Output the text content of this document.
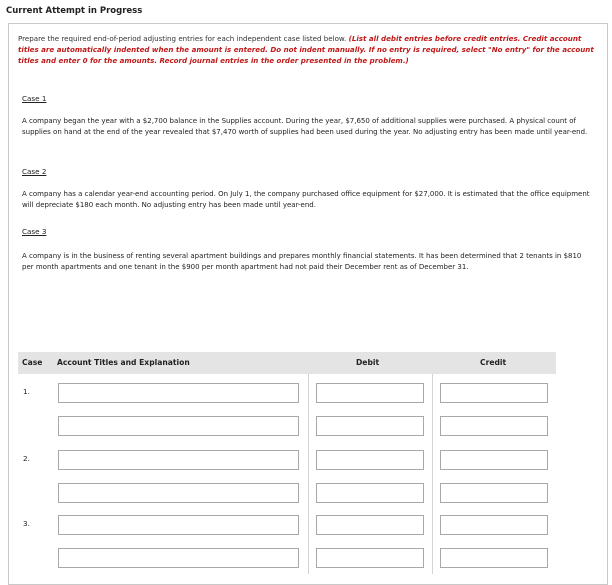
Current Attempt in Progress
Prepare the required end-of-period adjusting entries for each independent case listed below. (List all debit entries before credit entries. Credit account titles are automatically indented when the amount is entered. Do not indent manually. If no entry is required, select "No entry" for the account titles and enter 0 for the amounts. Record journal entries in the order presented in the problem.)
Case 1
A company began the year with a $2,700 balance in the Supplies account. During the year, $7,650 of additional supplies were purchased. A physical count of supplies on hand at the end of the year revealed that $7,470 worth of supplies had been used during the year. No adjusting entry has been made until year-end.
Case 2
A company has a calendar year-end accounting period. On July 1, the company purchased office equipment for $27,000. It is estimated that the office equipment will depreciate $180 each month. No adjusting entry has been made until year-end.
Case 3
A company is in the business of renting several apartment buildings and prepares monthly financial statements. It has been determined that 2 tenants in $810 per month apartments and one tenant in the $900 per month apartment had not paid their December rent as of December 31.
Case Account Titles and Explanation	Debit	Credit
1.
2.
3.
